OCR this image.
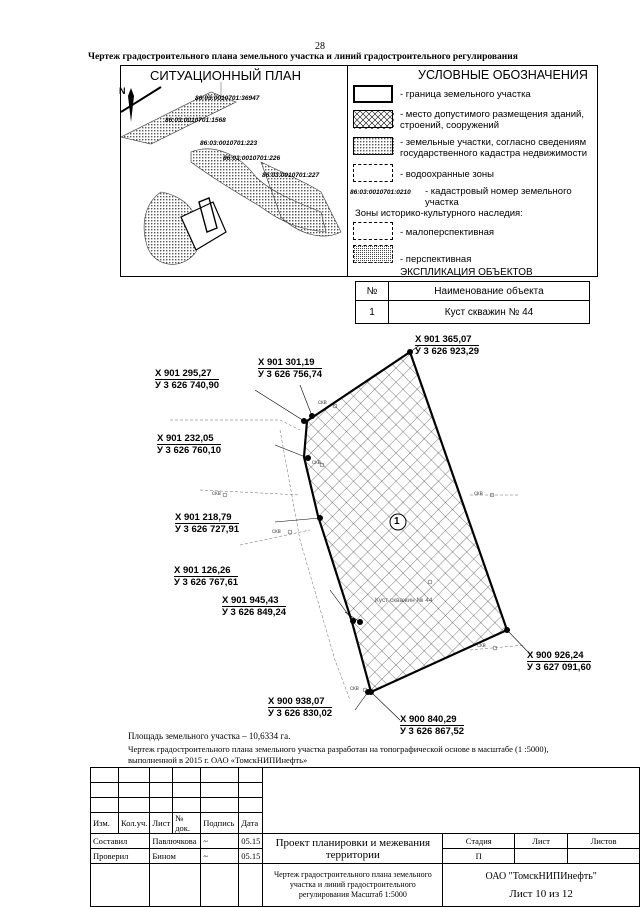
28
Чертеж градостроительного плана земельного участка и линий градостроительного регулирования
СИТУАЦИОННЫЙ ПЛАН
N
86:03:0010701:36947
86:03:0010701:1568
86:03:0010701:223
86:03:0010701:226
86:03:0010701:227
УСЛОВНЫЕ ОБОЗНАЧЕНИЯ
- граница земельного участка
- место допустимого размещения зданий, строений, сооружений
- земельные участки, согласно сведениям государственного кадастра недвижимости
- водоохранные зоны
86:03:0010701:0210 - кадастровый номер земельного участка
Зоны историко-культурного наследия:
- малоперспективная
- перспективная
ЭКСПЛИКАЦИЯ ОБЪЕКТОВ
№	Наименование объекта
1	Куст скважин № 44
1
Куст скважин № 44
скв
скв
скв
скв
скв
скв
скв
Х 901 365,07
У 3 626 923,29
Х 901 301,19
У 3 626 756,74
Х 901 295,27
У 3 626 740,90
Х 901 232,05
У 3 626 760,10
Х 901 218,79
У 3 626 727,91
Х 901 126,26
У 3 626 767,61
Х 901 945,43
У 3 626 849,24
Х 900 926,24
У 3 627 091,60
Х 900 938,07
У 3 626 830,02
Х 900 840,29
У 3 626 867,52
Площадь земельного участка – 10,6334 га.
Чертеж градостроительного плана земельного участка разработан на топографической основе в масштабе (1 :5000),
выполненной в 2015 г. ОАО «ТомскНИПИнефть»

Изм.	Кол.уч.	Лист	№ док.	Подпись	Дата				
Составил		Павлючкова		~	05.15	Проект планировки и межевания территории	Стадия	Лист	Листов
Проверил		Бином		~	05.15		П		
						Чертеж градостроительного плана земельного участка и линий градостроительного регулирования Масштаб 1:5000	ОАО "ТомскНИПИнефть"
Лист 10 из 12		
